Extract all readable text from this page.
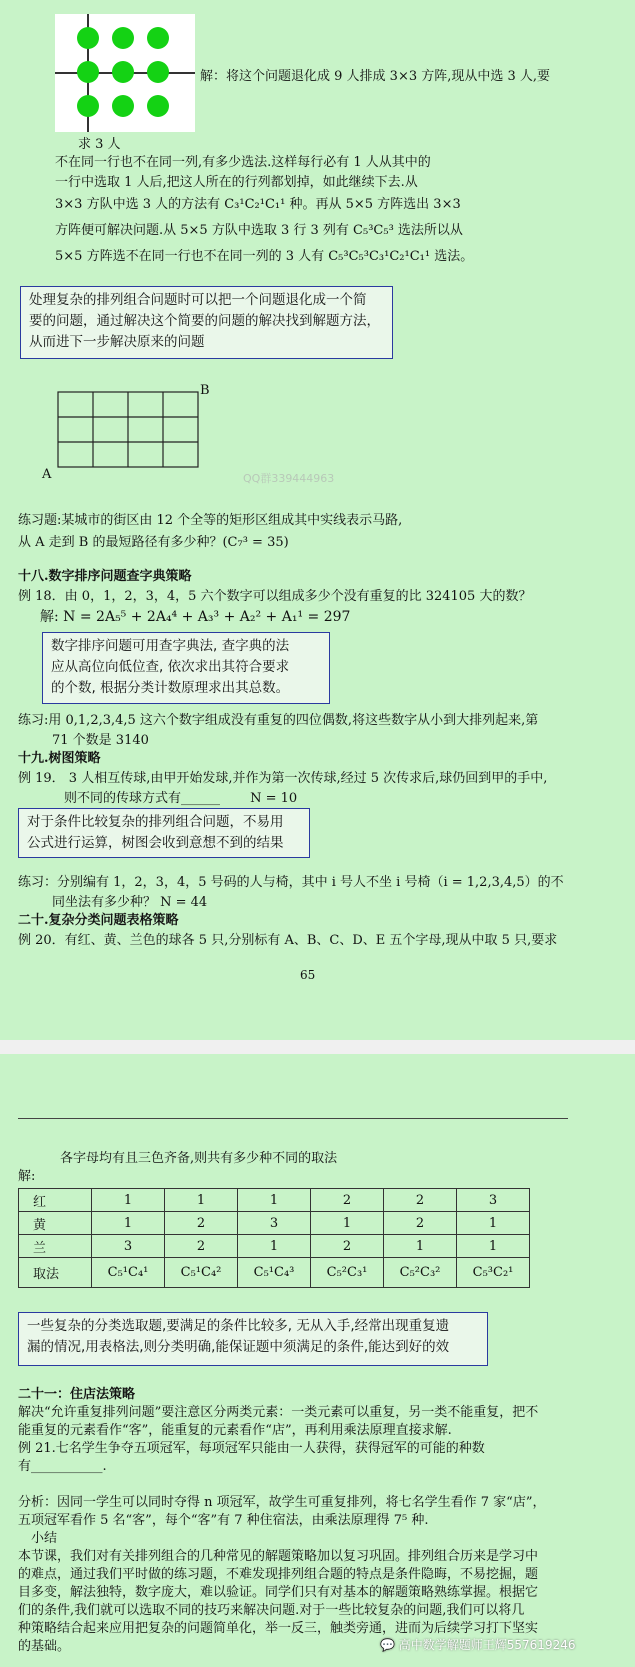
解：将这个问题退化成 9 人排成 3×3 方阵,现从中选 3 人,要
求 3 人
不在同一行也不在同一列,有多少选法.这样每行必有 1 人从其中的
一行中选取 1 人后,把这人所在的行列都划掉，如此继续下去.从
3×3 方队中选 3 人的方法有 C₃¹C₂¹C₁¹ 种。再从 5×5 方阵选出 3×3
方阵便可解决问题.从 5×5 方队中选取 3 行 3 列有 C₅³C₅³ 选法所以从
5×5 方阵选不在同一行也不在同一列的 3 人有 C₅³C₅³C₃¹C₂¹C₁¹ 选法。
处理复杂的排列组合问题时可以把一个问题退化成一个简
要的问题，通过解决这个简要的问题的解决找到解题方法，
从而进下一步解决原来的问题
A
B
QQ群339444963
练习题:某城市的街区由 12 个全等的矩形区组成其中实线表示马路,
从 A 走到 B 的最短路径有多少种？(C₇³ = 35)
十八.数字排序问题查字典策略
例 18．由 0，1，2，3，4，5 六个数字可以组成多少个没有重复的比 324105 大的数？
解: N = 2A₅⁵ + 2A₄⁴ + A₃³ + A₂² + A₁¹ = 297
数字排序问题可用查字典法, 查字典的法
应从高位向低位查, 依次求出其符合要求
的个数, 根据分类计数原理求出其总数。
练习:用 0,1,2,3,4,5 这六个数字组成没有重复的四位偶数,将这些数字从小到大排列起来,第
71 个数是 3140
十九.树图策略
例 19． 3 人相互传球,由甲开始发球,并作为第一次传球,经过 5 次传求后,球仍回到甲的手中,
则不同的传球方式有______　　 N = 10
对于条件比较复杂的排列组合问题，不易用
公式进行运算，树图会收到意想不到的结果
练习：分别编有 1，2，3，4，5 号码的人与椅，其中 i 号人不坐 i 号椅（i = 1,2,3,4,5）的不
同坐法有多少种？ N = 44
二十.复杂分类问题表格策略
例 20．有红、黄、兰色的球各 5 只,分别标有 A、B、C、D、E 五个字母,现从中取 5 只,要求
65
各字母均有且三色齐备,则共有多少种不同的取法
解:
红	1	1	1	2	2	3
黄	1	2	3	1	2	1
兰	3	2	1	2	1	1
取法	C₅¹C₄¹	C₅¹C₄²	C₅¹C₄³	C₅²C₃¹	C₅²C₃²	C₅³C₂¹
一些复杂的分类选取题,要满足的条件比较多, 无从入手,经常出现重复遗
漏的情况,用表格法,则分类明确,能保证题中须满足的条件,能达到好的效
二十一：住店法策略
解决“允许重复排列问题”要注意区分两类元素：一类元素可以重复，另一类不能重复，把不
能重复的元素看作“客”，能重复的元素看作“店”，再利用乘法原理直接求解.
例 21.七名学生争夺五项冠军，每项冠军只能由一人获得，获得冠军的可能的种数
有___________.
分析：因同一学生可以同时夺得 n 项冠军，故学生可重复排列，将七名学生看作 7 家“店”，
五项冠军看作 5 名“客”，每个“客”有 7 种住宿法，由乘法原理得 7⁵ 种.
　小结
本节课，我们对有关排列组合的几种常见的解题策略加以复习巩固。排列组合历来是学习中
的难点，通过我们平时做的练习题，不难发现排列组合题的特点是条件隐晦，不易挖掘，题
目多变，解法独特，数字庞大，难以验证。同学们只有对基本的解题策略熟练掌握。根据它
们的条件,我们就可以选取不同的技巧来解决问题.对于一些比较复杂的问题,我们可以将几
种策略结合起来应用把复杂的问题简单化，举一反三，触类旁通，进而为后续学习打下坚实
的基础。	💬 高中数学解题师王辉557619246
